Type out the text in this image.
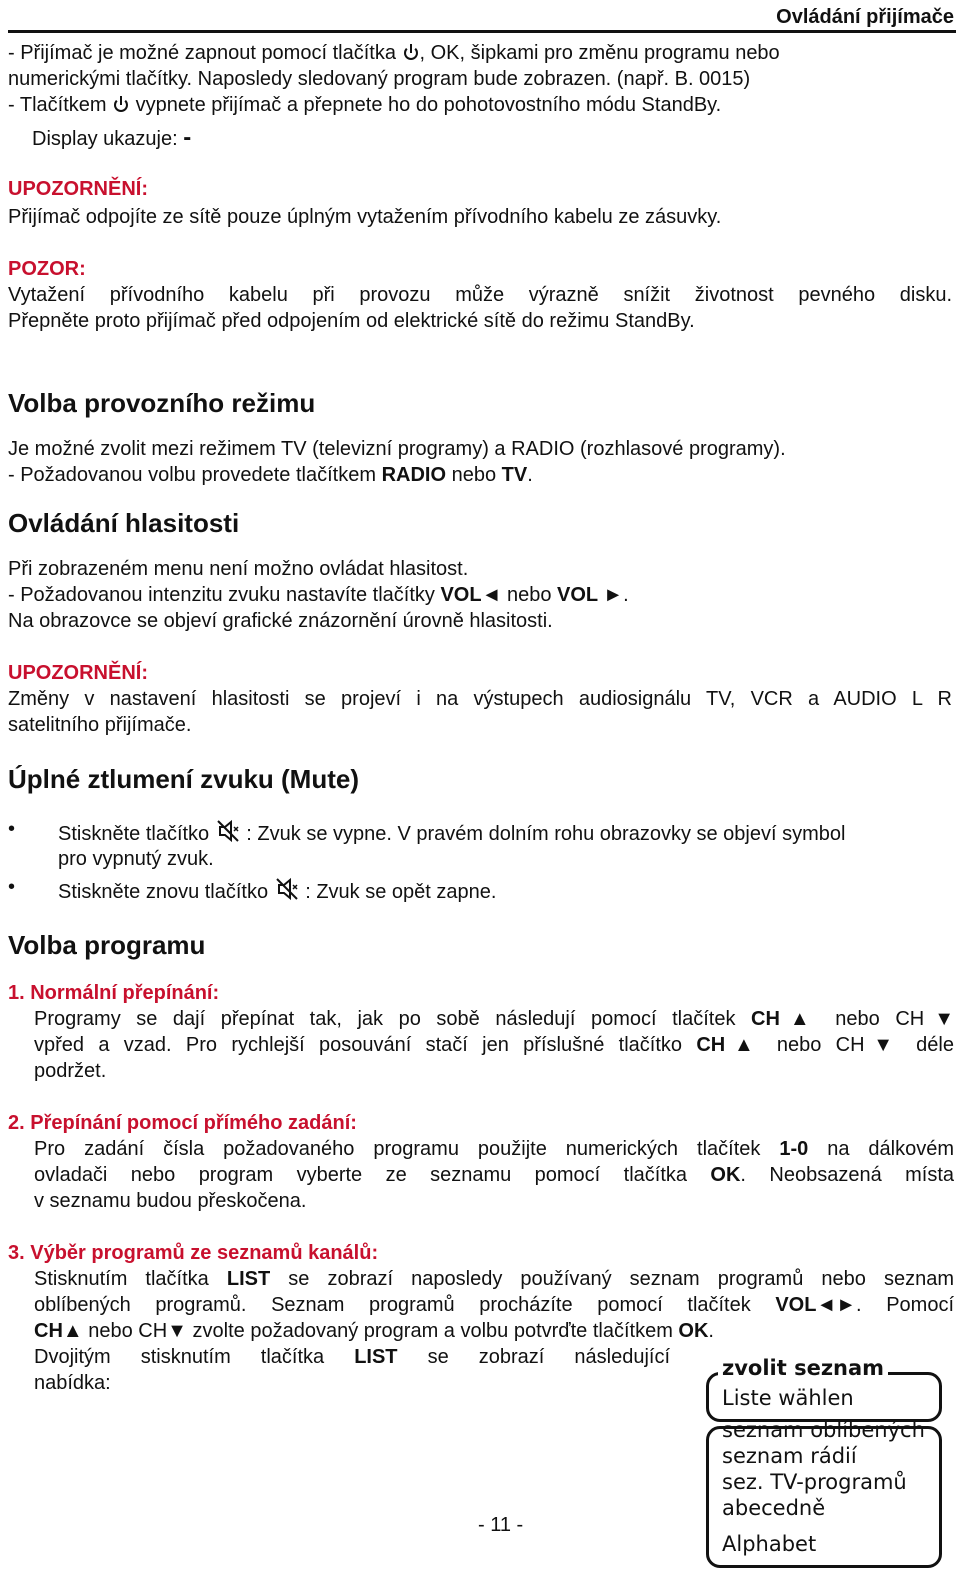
Ovládání přijímače
- Přijímač je možné zapnout pomocí tlačítka , OK, šipkami pro změnu programu nebo
numerickými tlačítky. Naposledy sledovaný program bude zobrazen. (např. B. 0015)
- Tlačítkem vypnete přijímač a přepnete ho do pohotovostního módu StandBy.
Display ukazuje: -
UPOZORNĚNÍ:
Přijímač odpojíte ze sítě pouze úplným vytažením přívodního kabelu ze zásuvky.
POZOR:
Vytažení přívodního kabelu při provozu může výrazně snížit životnost pevného disku.
Přepněte proto přijímač před odpojením od elektrické sítě do režimu StandBy.
Volba provozního režimu
Je možné zvolit mezi režimem TV (televizní programy) a RADIO (rozhlasové programy).
- Požadovanou volbu provedete tlačítkem RADIO nebo TV.
Ovládání hlasitosti
Při zobrazeném menu není možno ovládat hlasitost.
- Požadovanou intenzitu zvuku nastavíte tlačítky VOL◄ nebo VOL ►.
Na obrazovce se objeví grafické znázornění úrovně hlasitosti.
UPOZORNĚNÍ:
Změny v nastavení hlasitosti se projeví i na výstupech audiosignálu TV, VCR a AUDIO L R
satelitního přijímače.
Úplné ztlumení zvuku (Mute)
• Stiskněte tlačítko  : Zvuk se vypne. V pravém dolním rohu obrazovky se objeví symbol
pro vypnutý zvuk.
• Stiskněte znovu tlačítko  : Zvuk se opět zapne.
Volba programu
1. Normální přepínání:
Programy se dají přepínat tak, jak po sobě následují pomocí tlačítek CH▲ nebo CH▼
vpřed a vzad. Pro rychlejší posouvání stačí jen příslušné tlačítko CH▲ nebo CH▼ déle
podržet.
2. Přepínání pomocí přímého zadání:
Pro zadání čísla požadovaného programu použijte numerických tlačítek 1-0 na dálkovém
ovladači nebo program vyberte ze seznamu pomocí tlačítka OK. Neobsazená místa
v seznamu budou přeskočena.
3. Výběr programů ze seznamů kanálů:
Stisknutím tlačítka LIST se zobrazí naposledy používaný seznam programů nebo seznam
oblíbených programů. Seznam programů procházíte pomocí tlačítek VOL◄►. Pomocí
CH▲ nebo CH▼ zvolte požadovaný program a volbu potvrďte tlačítkem OK.
Dvojitým stisknutím tlačítka LIST se zobrazí následující
nabídka:
zvolit seznam
Liste wählen
seznam oblíbených
seznam rádií
sez. TV-programů
abecedně
Alphabet
- 11 -
